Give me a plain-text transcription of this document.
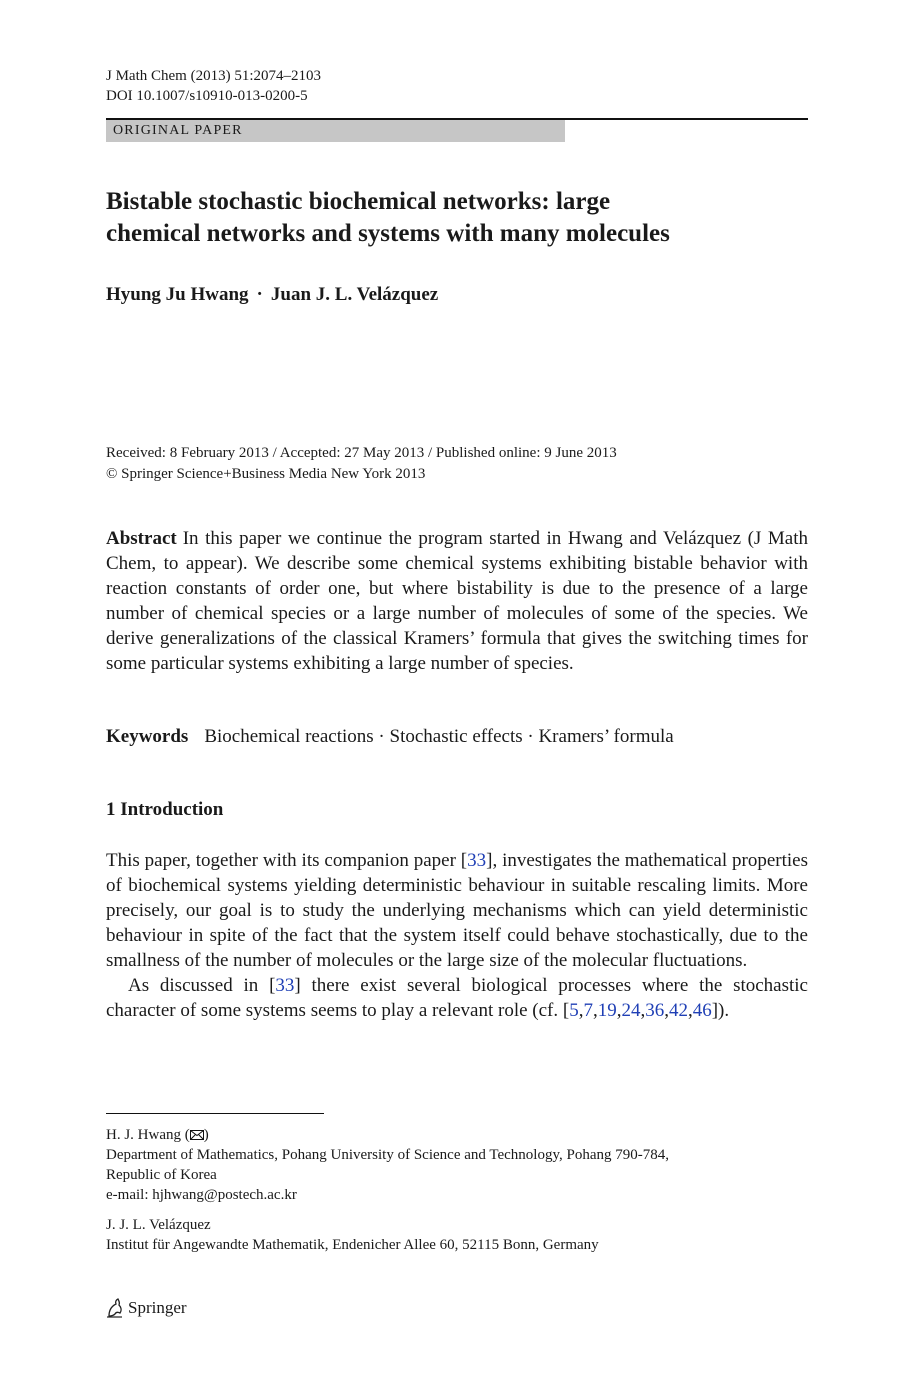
J Math Chem (2013) 51:2074–2103
DOI 10.1007/s10910-013-0200-5
ORIGINAL PAPER
Bistable stochastic biochemical networks: large
chemical networks and systems with many molecules
Hyung Ju Hwang · Juan J. L. Velázquez
Received: 8 February 2013 / Accepted: 27 May 2013 / Published online: 9 June 2013
© Springer Science+Business Media New York 2013

Abstract In this paper we continue the program started in Hwang and Velázquez (J Math Chem, to appear). We describe some chemical systems exhibiting bistable behavior with reaction constants of order one, but where bistability is due to the presence of a large number of chemical species or a large number of molecules of some of the species. We derive generalizations of the classical Kramers’ formula that gives the switching times for some particular systems exhibiting a large number of species.

Keywords Biochemical reactions · Stochastic effects · Kramers’ formula
1 Introduction

This paper, together with its companion paper [33], investigates the mathematical properties of biochemical systems yielding deterministic behaviour in suitable rescaling limits. More precisely, our goal is to study the underlying mechanisms which can yield deterministic behaviour in spite of the fact that the system itself could behave stochastically, due to the smallness of the number of molecules or the large size of the molecular fluctuations.

As discussed in [33] there exist several biological processes where the stochastic character of some systems seems to play a relevant role (cf. [5,7,19,24,36,42,46]).

H. J. Hwang ( )
Department of Mathematics, Pohang University of Science and Technology, Pohang 790-784,
Republic of Korea
e-mail: hjhwang@postech.ac.kr
J. J. L. Velázquez
Institut für Angewandte Mathematik, Endenicher Allee 60, 52115 Bonn, Germany
Springer
